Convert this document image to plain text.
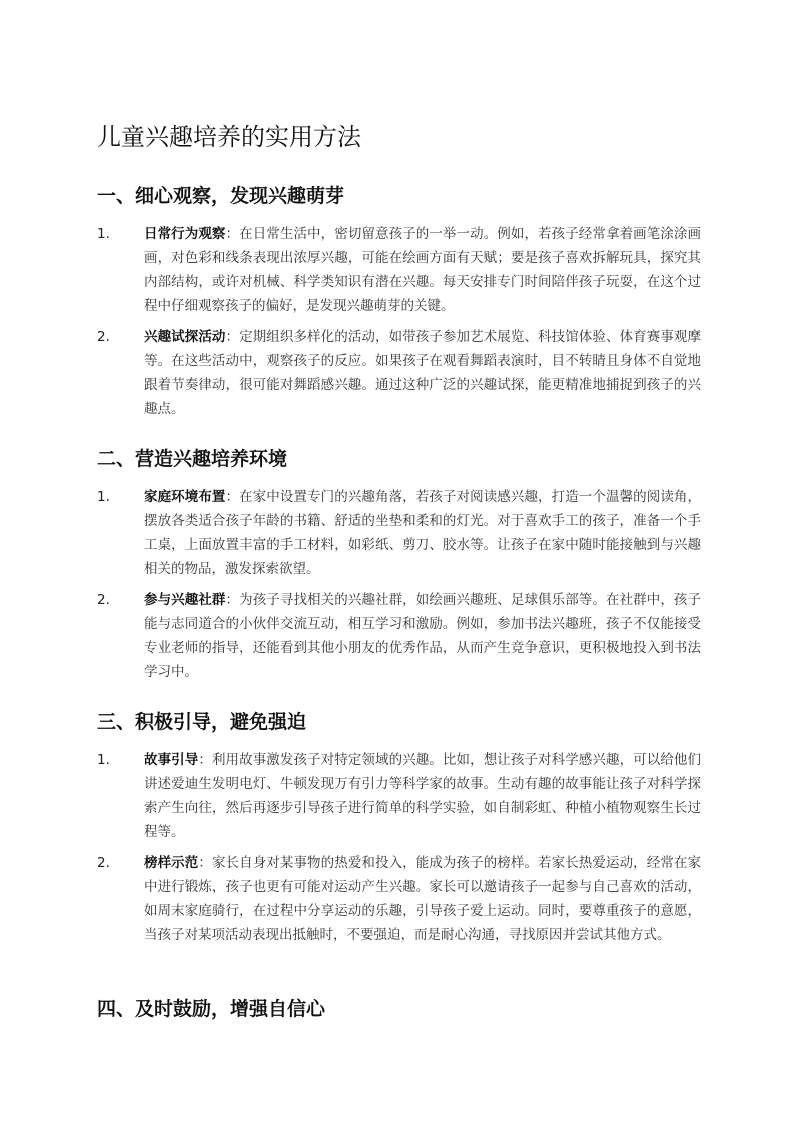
儿童兴趣培养的实用方法
一、细心观察，发现兴趣萌芽
1.	日常行为观察：在日常生活中，密切留意孩子的一举一动。例如，若孩子经常拿着画笔涂涂画画，对色彩和线条表现出浓厚兴趣，可能在绘画方面有天赋；要是孩子喜欢拆解玩具，探究其内部结构，或许对机械、科学类知识有潜在兴趣。每天安排专门时间陪伴孩子玩耍，在这个过程中仔细观察孩子的偏好，是发现兴趣萌芽的关键。
2.	兴趣试探活动：定期组织多样化的活动，如带孩子参加艺术展览、科技馆体验、体育赛事观摩等。在这些活动中，观察孩子的反应。如果孩子在观看舞蹈表演时，目不转睛且身体不自觉地跟着节奏律动，很可能对舞蹈感兴趣。通过这种广泛的兴趣试探，能更精准地捕捉到孩子的兴趣点。
二、营造兴趣培养环境
1.	家庭环境布置：在家中设置专门的兴趣角落，若孩子对阅读感兴趣，打造一个温馨的阅读角，摆放各类适合孩子年龄的书籍、舒适的坐垫和柔和的灯光。对于喜欢手工的孩子，准备一个手工桌，上面放置丰富的手工材料，如彩纸、剪刀、胶水等。让孩子在家中随时能接触到与兴趣相关的物品，激发探索欲望。
2.	参与兴趣社群：为孩子寻找相关的兴趣社群，如绘画兴趣班、足球俱乐部等。在社群中，孩子能与志同道合的小伙伴交流互动，相互学习和激励。例如，参加书法兴趣班，孩子不仅能接受专业老师的指导，还能看到其他小朋友的优秀作品，从而产生竞争意识，更积极地投入到书法学习中。
三、积极引导，避免强迫
1.	故事引导：利用故事激发孩子对特定领域的兴趣。比如，想让孩子对科学感兴趣，可以给他们讲述爱迪生发明电灯、牛顿发现万有引力等科学家的故事。生动有趣的故事能让孩子对科学探索产生向往，然后再逐步引导孩子进行简单的科学实验，如自制彩虹、种植小植物观察生长过程等。
2.	榜样示范：家长自身对某事物的热爱和投入，能成为孩子的榜样。若家长热爱运动，经常在家中进行锻炼，孩子也更有可能对运动产生兴趣。家长可以邀请孩子一起参与自己喜欢的活动，如周末家庭骑行，在过程中分享运动的乐趣，引导孩子爱上运动。同时，要尊重孩子的意愿，当孩子对某项活动表现出抵触时，不要强迫，而是耐心沟通，寻找原因并尝试其他方式。
四、及时鼓励，增强自信心
